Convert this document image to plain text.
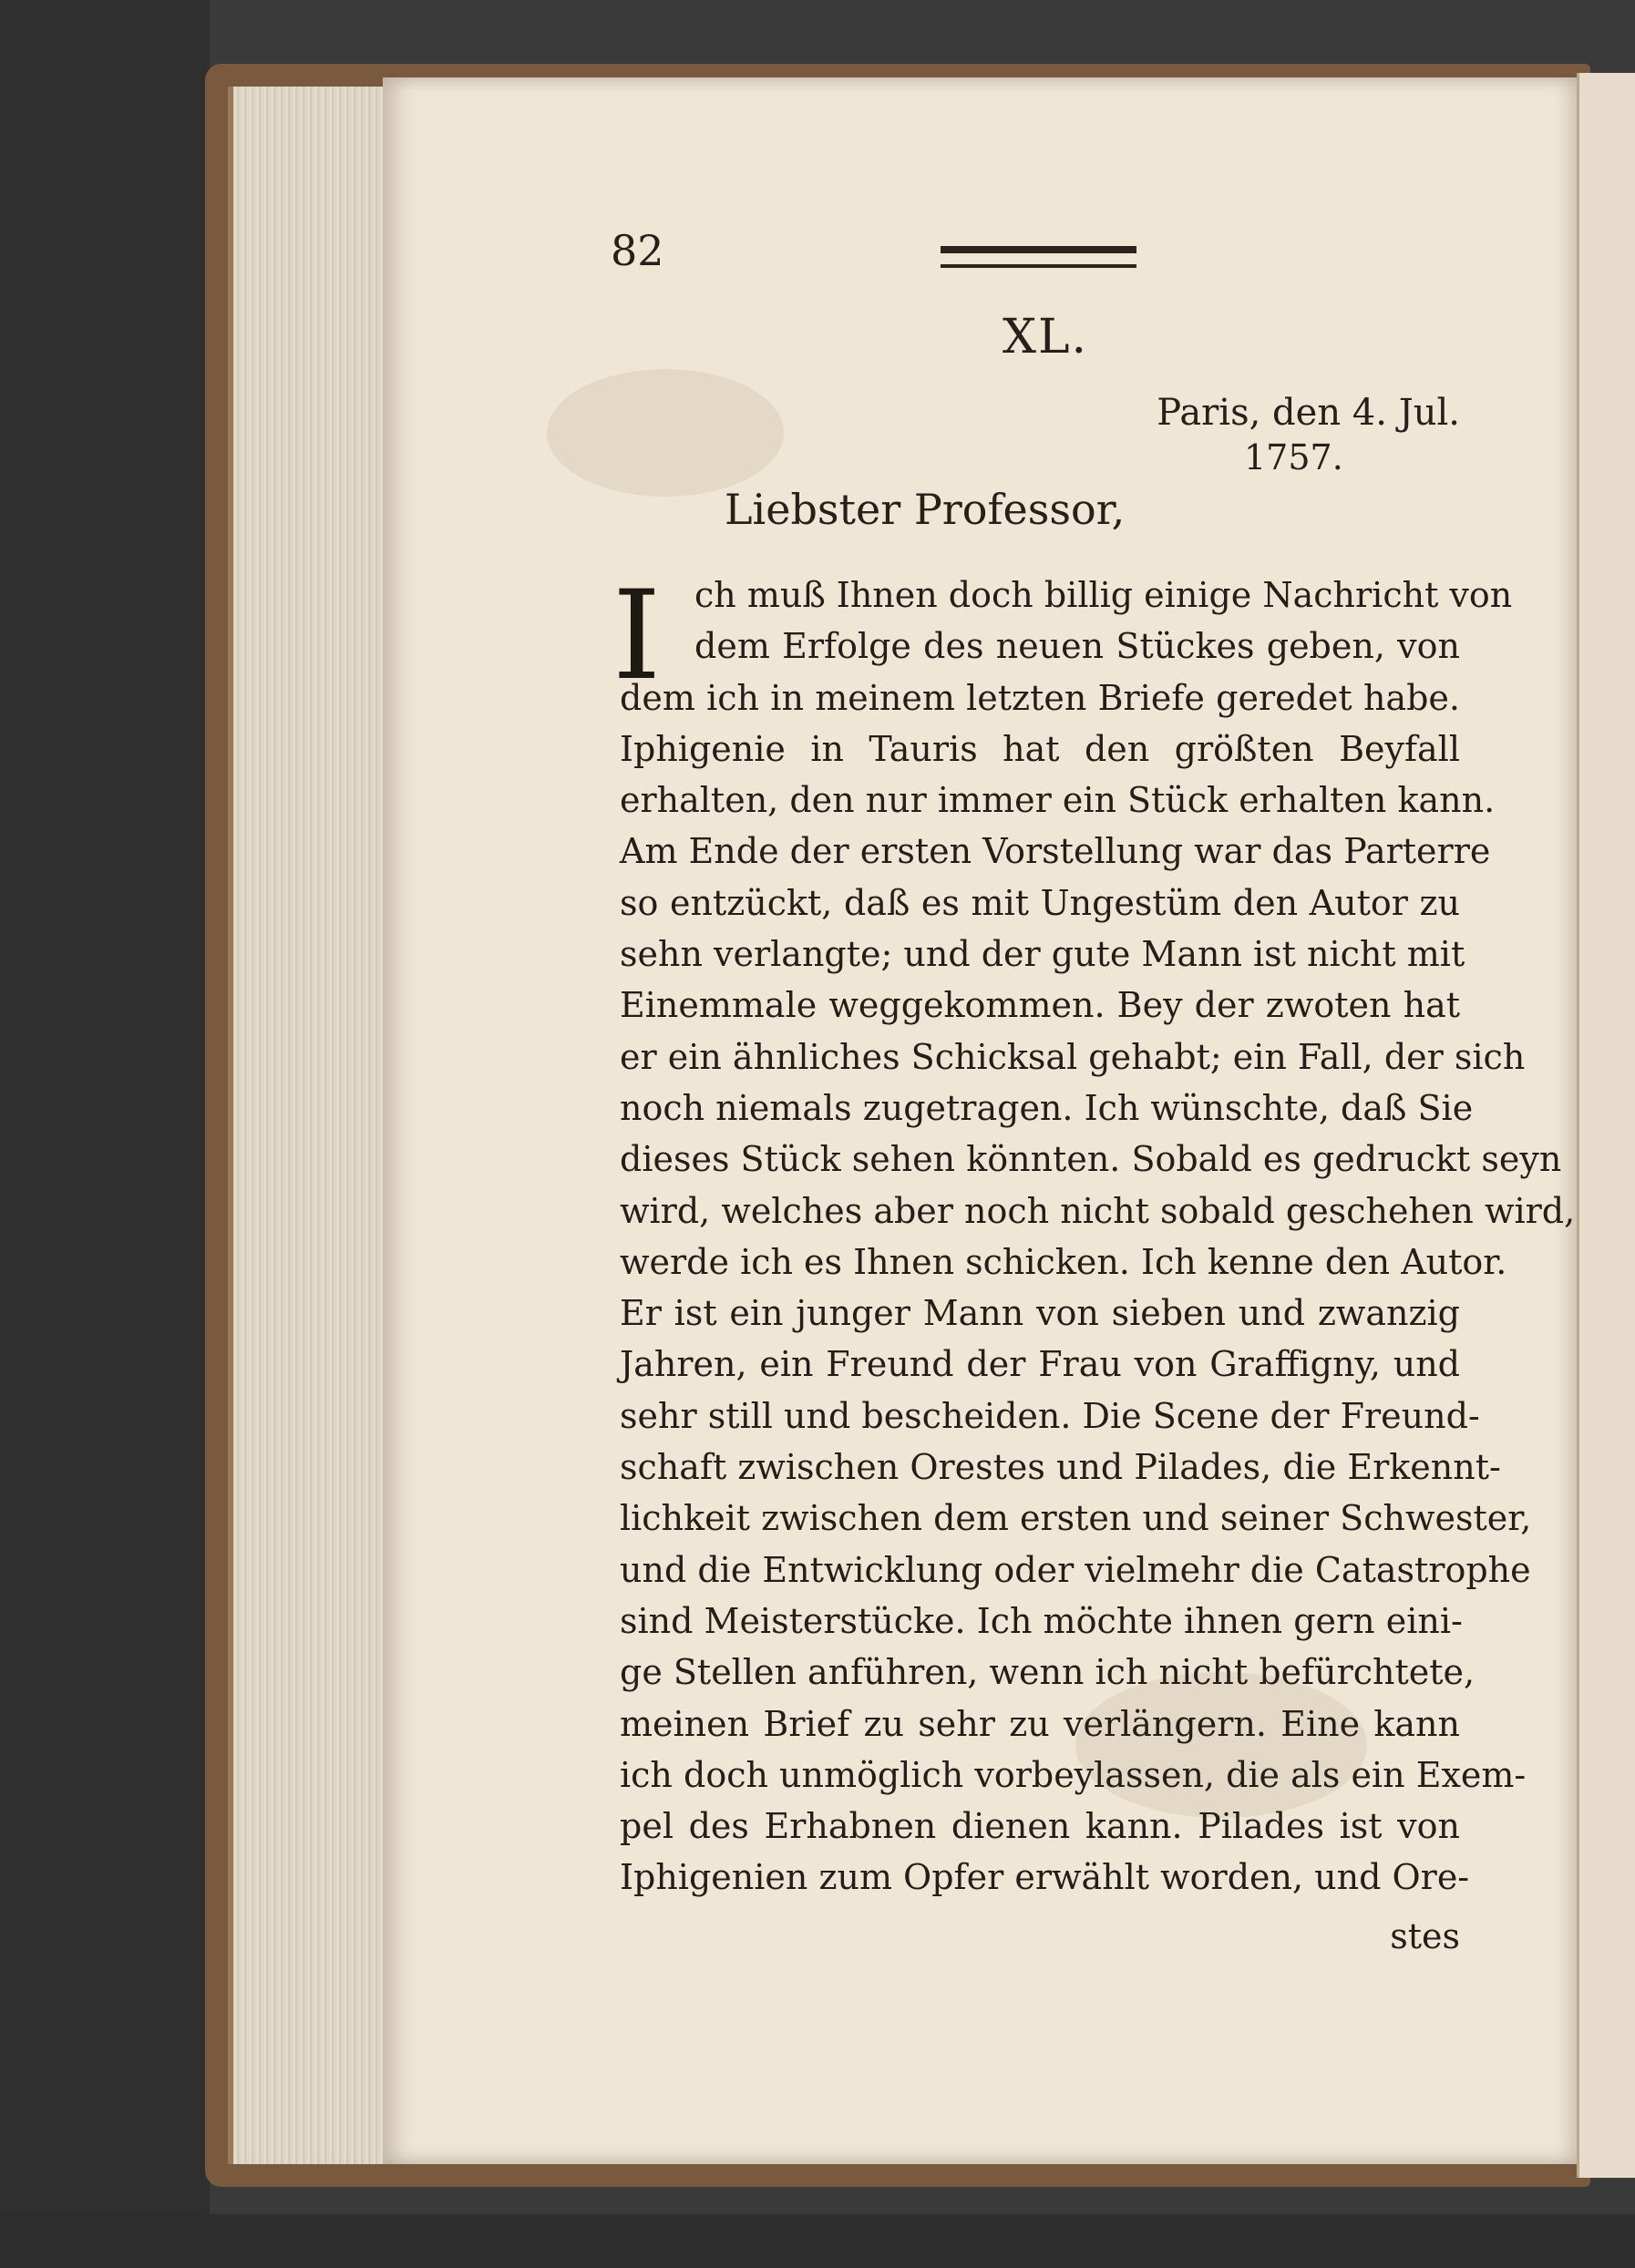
82
XL.
Paris, den 4. Jul.
1757.
Liebster Professor,
I ch muß Ihnen doch billig einige Nachricht von
dem Erfolge des neuen Stückes geben, von
dem ich in meinem letzten Briefe geredet habe.
Iphigenie in Tauris hat den größten Beyfall
erhalten, den nur immer ein Stück erhalten kann.
Am Ende der ersten Vorstellung war das Parterre
so entzückt, daß es mit Ungestüm den Autor zu
sehn verlangte; und der gute Mann ist nicht mit
Einemmale weggekommen. Bey der zwoten hat
er ein ähnliches Schicksal gehabt; ein Fall, der sich
noch niemals zugetragen. Ich wünschte, daß Sie
dieses Stück sehen könnten. Sobald es gedruckt seyn
wird, welches aber noch nicht sobald geschehen wird,
werde ich es Ihnen schicken. Ich kenne den Autor.
Er ist ein junger Mann von sieben und zwanzig
Jahren, ein Freund der Frau von Graffigny, und
sehr still und bescheiden. Die Scene der Freund-
schaft zwischen Orestes und Pilades, die Erkennt-
lichkeit zwischen dem ersten und seiner Schwester,
und die Entwicklung oder vielmehr die Catastrophe
sind Meisterstücke. Ich möchte ihnen gern eini-
ge Stellen anführen, wenn ich nicht befürchtete,
meinen Brief zu sehr zu verlängern. Eine kann
ich doch unmöglich vorbeylassen, die als ein Exem-
pel des Erhabnen dienen kann. Pilades ist von
Iphigenien zum Opfer erwählt worden, und Ore-
stes
